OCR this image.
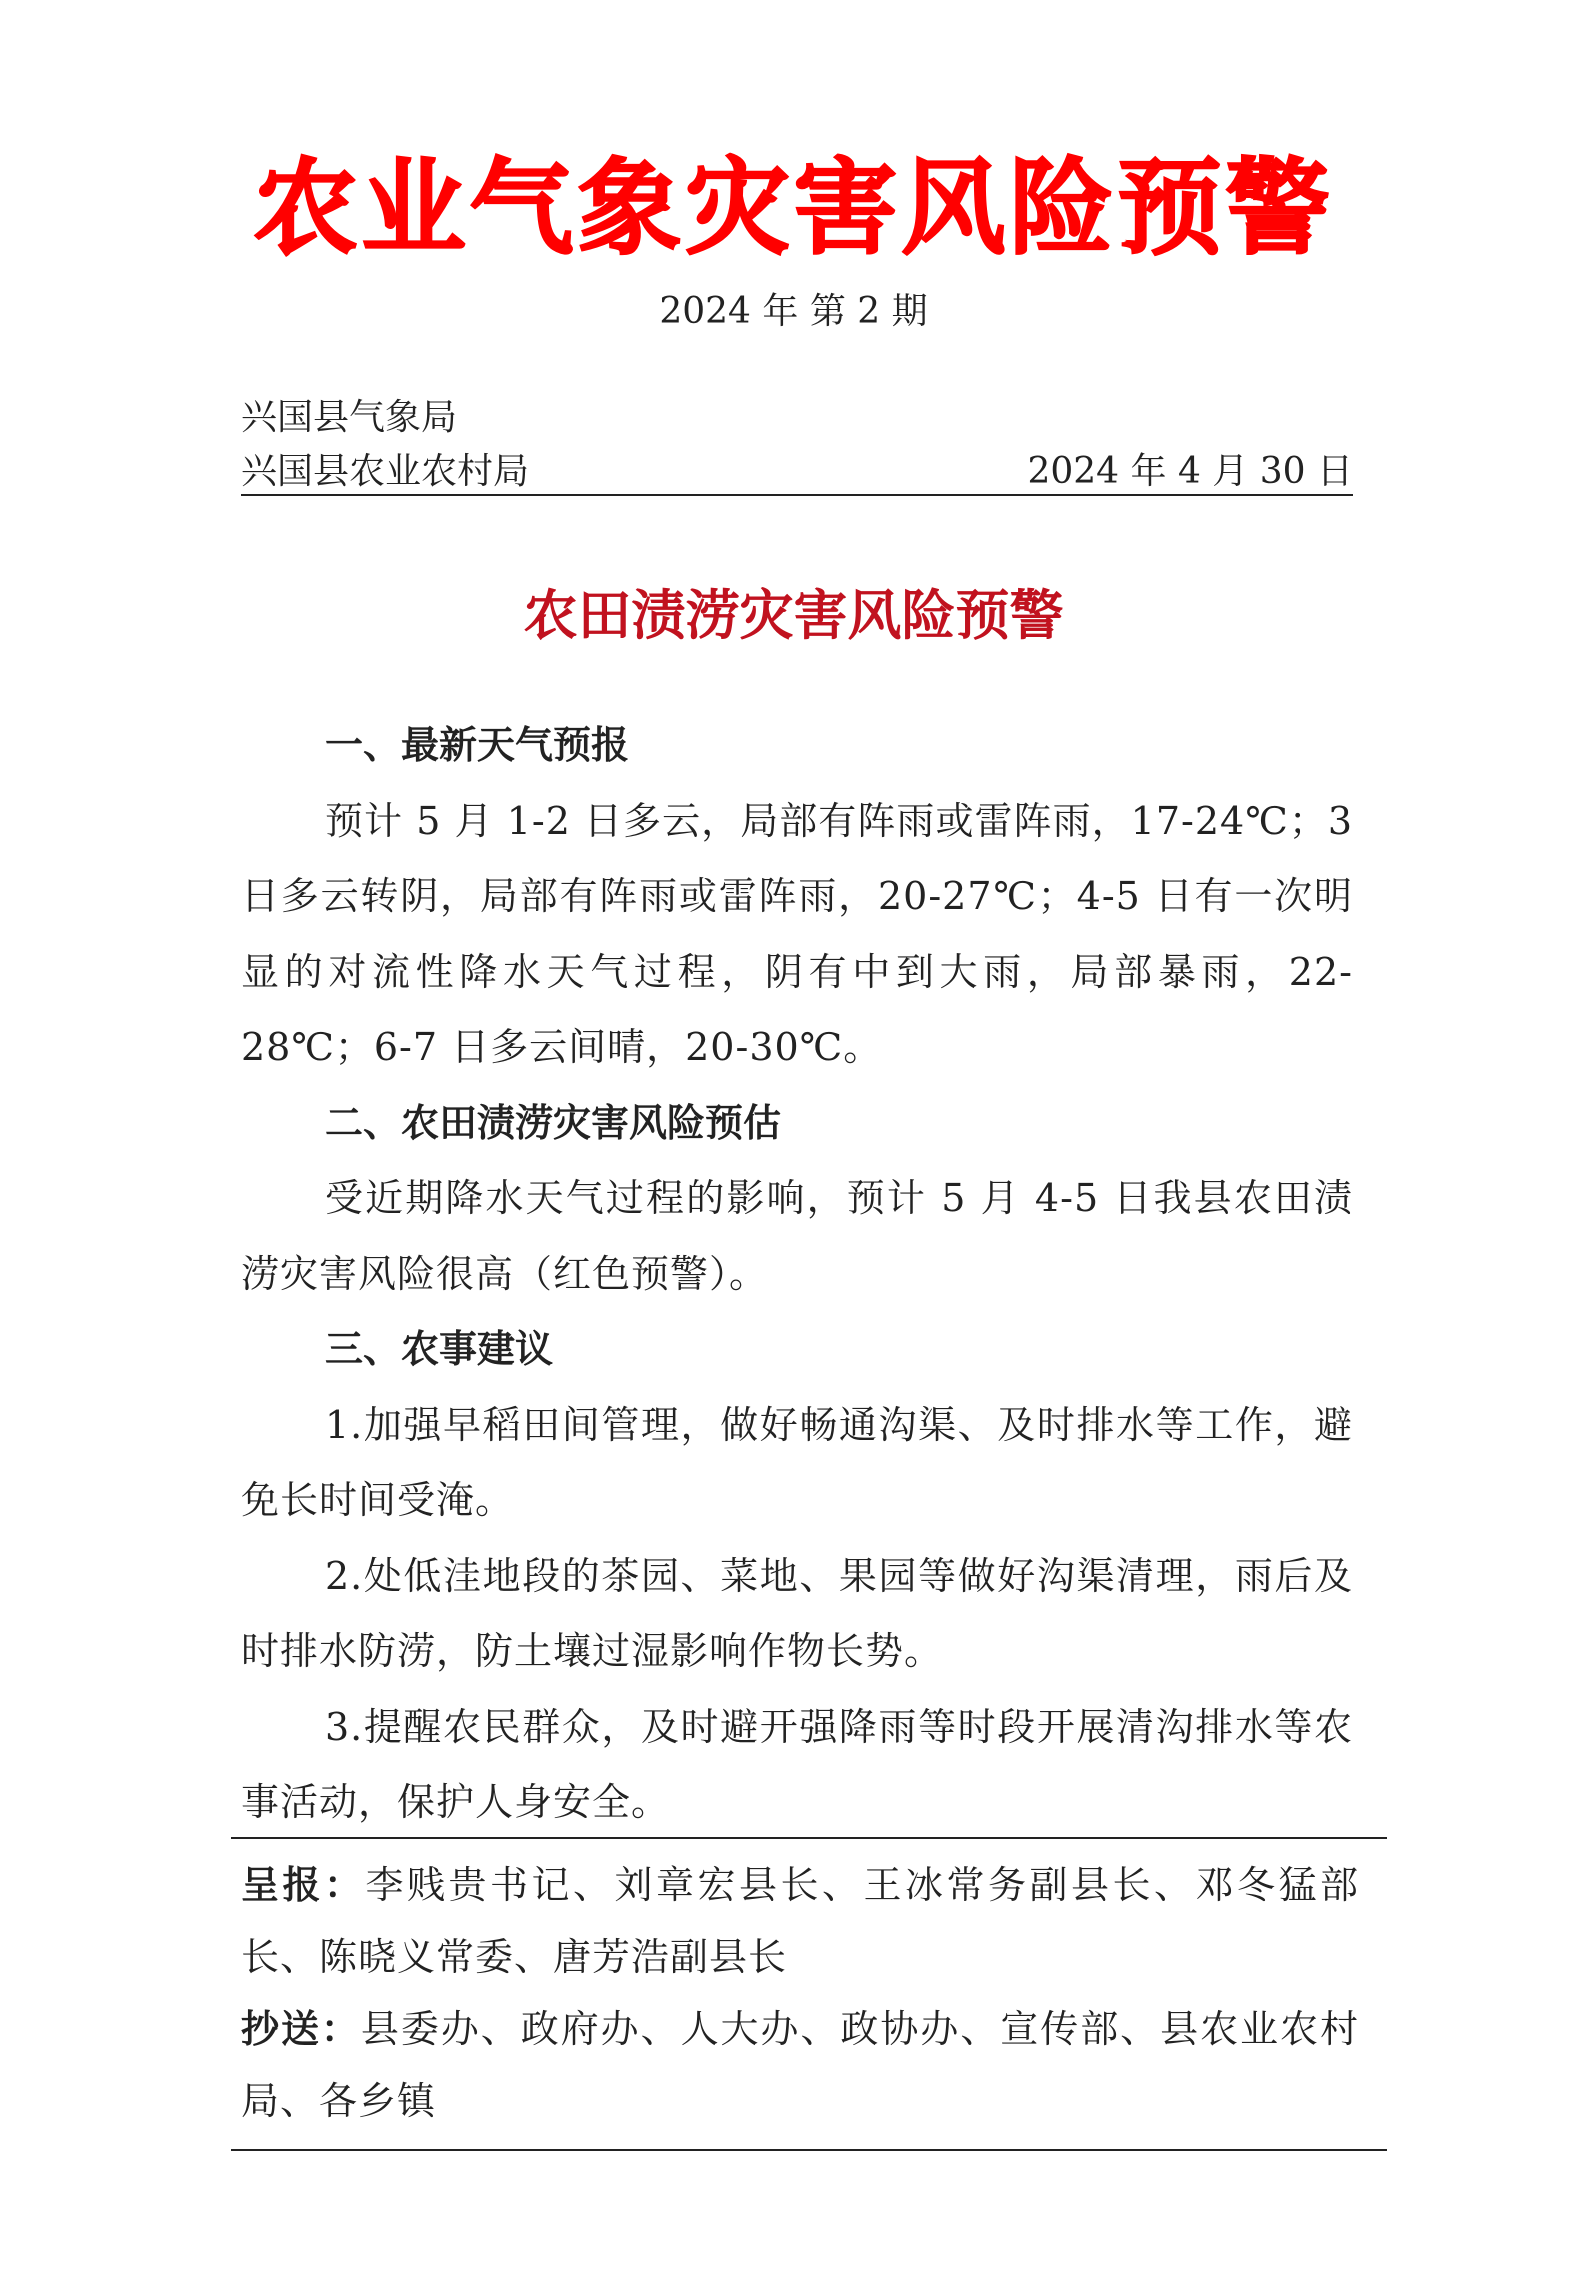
农业气象灾害风险预警
2024 年 第 2 期
兴国县气象局
兴国县农业农村局	2024 年 4 月 30 日
农田渍涝灾害风险预警

一、最新天气预报

预计 5 月 1-2 日多云，局部有阵雨或雷阵雨，17-24℃；3 日多云转阴，局部有阵雨或雷阵雨，20-27℃；4-5 日有一次明显的对流性降水天气过程，阴有中到大雨，局部暴雨，22-28℃；6-7 日多云间晴，20-30℃。

二、农田渍涝灾害风险预估

受近期降水天气过程的影响，预计 5 月 4-5 日我县农田渍涝灾害风险很高（红色预警）。

三、农事建议

1.加强早稻田间管理，做好畅通沟渠、及时排水等工作，避免长时间受淹。

2.处低洼地段的茶园、菜地、果园等做好沟渠清理，雨后及时排水防涝，防土壤过湿影响作物长势。

3.提醒农民群众，及时避开强降雨等时段开展清沟排水等农事活动，保护人身安全。

呈报：李贱贵书记、刘章宏县长、王冰常务副县长、邓冬猛部长、陈晓义常委、唐芳浩副县长

抄送：县委办、政府办、人大办、政协办、宣传部、县农业农村局、各乡镇
